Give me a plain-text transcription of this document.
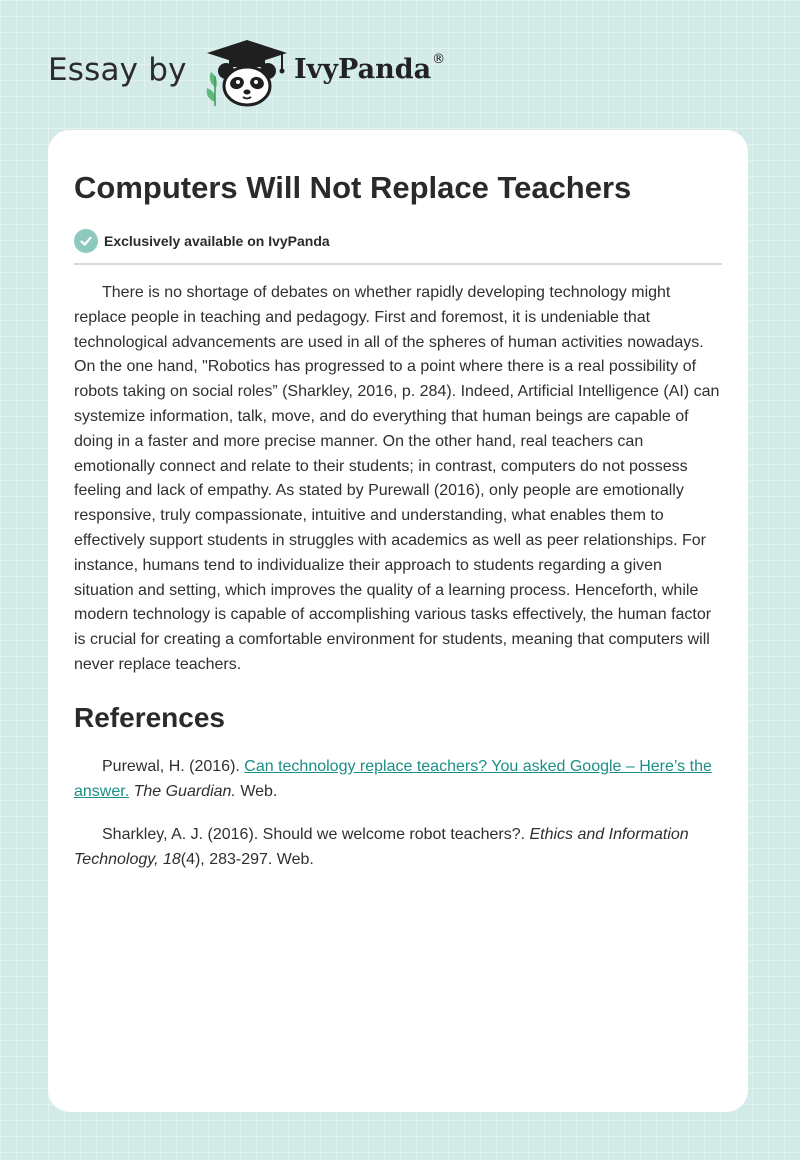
Essay by	IvyPanda®
Computers Will Not Replace Teachers
Exclusively available on IvyPanda

There is no shortage of debates on whether rapidly developing technology might replace people in teaching and pedagogy. First and foremost, it is undeniable that technological advancements are used in all of the spheres of human activities nowadays. On the one hand, "Robotics has progressed to a point where there is a real possibility of robots taking on social roles” (Sharkley, 2016, p. 284). Indeed, Artificial Intelligence (AI) can systemize information, talk, move, and do everything that human beings are capable of doing in a faster and more precise manner. On the other hand, real teachers can emotionally connect and relate to their students; in contrast, computers do not possess feeling and lack of empathy. As stated by Purewall (2016), only people are emotionally responsive, truly compassionate, intuitive and understanding, what enables them to effectively support students in struggles with academics as well as peer relationships. For instance, humans tend to individualize their approach to students regarding a given situation and setting, which improves the quality of a learning process. Henceforth, while modern technology is capable of accomplishing various tasks effectively, the human factor is crucial for creating a comfortable environment for students, meaning that computers will never replace teachers.

References

Purewal, H. (2016). Can technology replace teachers? You asked Google – Here’s the answer. The Guardian. Web.

Sharkley, A. J. (2016). Should we welcome robot teachers?. Ethics and Information Technology, 18(4), 283-297. Web.
